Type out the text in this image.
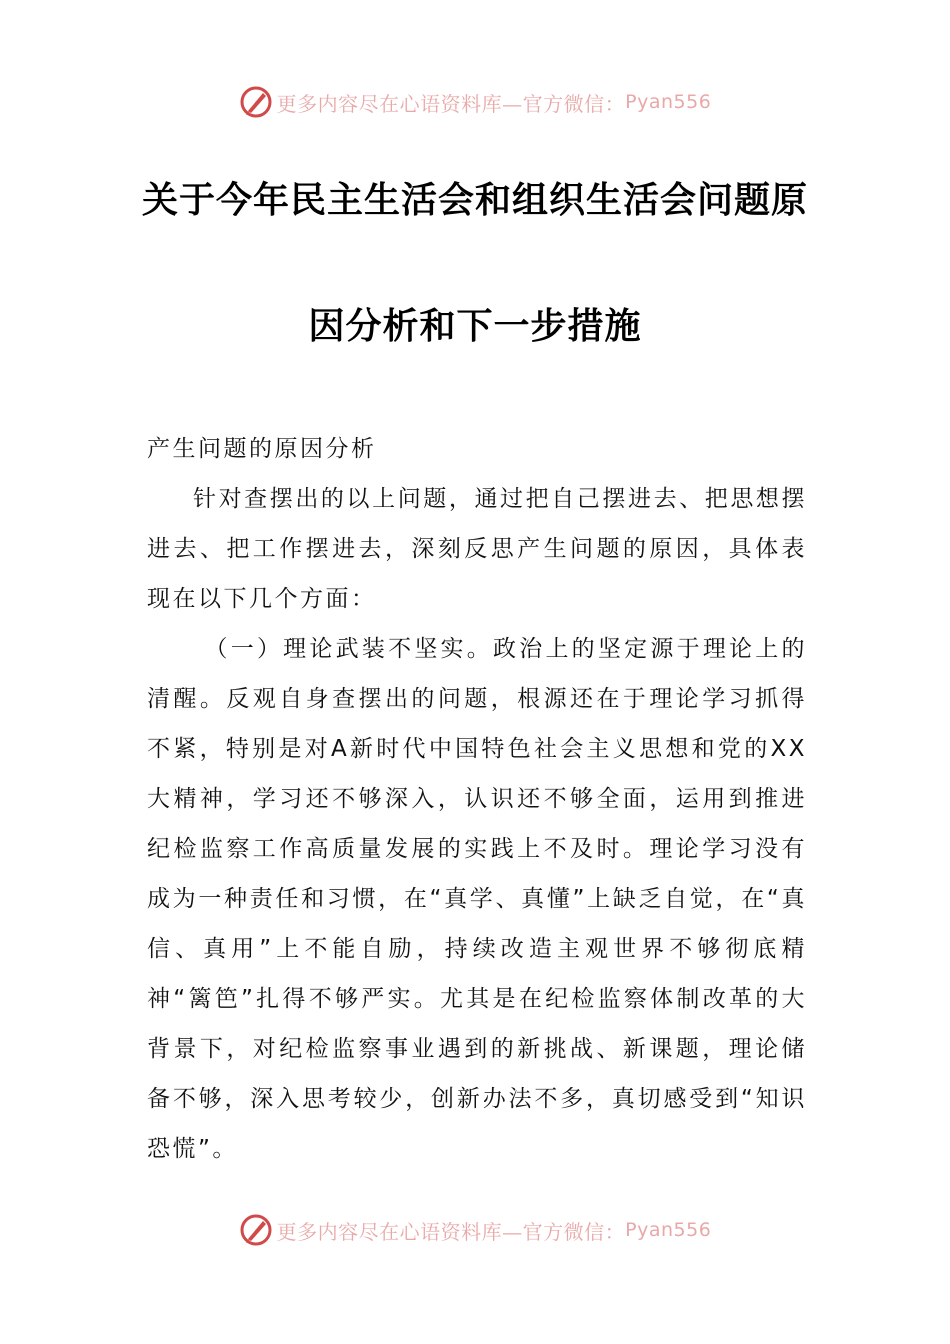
更多内容尽在心语资料库—官方微信： Pyan556
关于今年民主生活会和组织生活会问题原
因分析和下一步措施

产生问题的原因分析

针对查摆出的以上问题，通过把自己摆进去、把思想摆进去、把工作摆进去，深刻反思产生问题的原因，具体表现在以下几个方面：

（一）理论武装不坚实。政治上的坚定源于理论上的清醒。反观自身查摆出的问题，根源还在于理论学习抓得不紧，特别是对A新时代中国特色社会主义思想和党的XX大精神，学习还不够深入，认识还不够全面，运用到推进纪检监察工作高质量发展的实践上不及时。理论学习没有成为一种责任和习惯，在“真学、真懂”上缺乏自觉，在“真信、真用”上不能自励，持续改造主观世界不够彻底精神“篱笆”扎得不够严实。尤其是在纪检监察体制改革的大背景下，对纪检监察事业遇到的新挑战、新课题，理论储备不够，深入思考较少，创新办法不多，真切感受到“知识恐慌”。

更多内容尽在心语资料库—官方微信： Pyan556
